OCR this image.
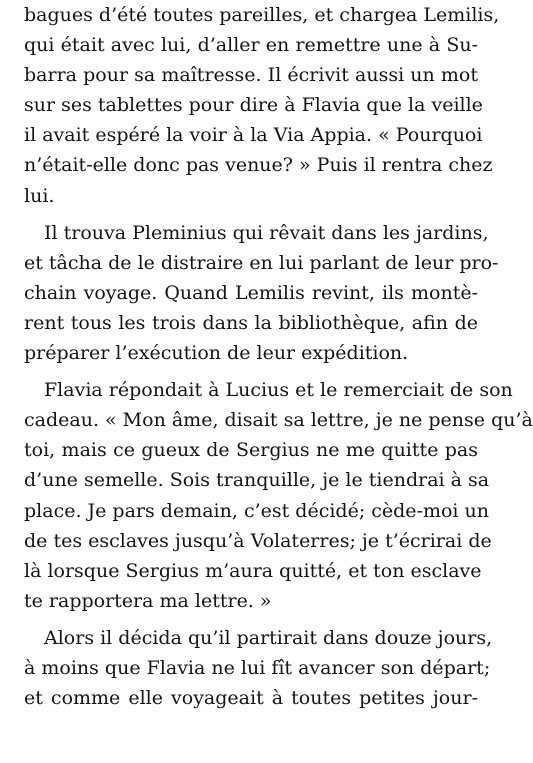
bagues d’été toutes pareilles, et chargea Lemilis,
qui était avec lui, d’aller en remettre une à Su-
barra pour sa maîtresse. Il écrivit aussi un mot
sur ses tablettes pour dire à Flavia que la veille
il avait espéré la voir à la Via Appia. « Pourquoi
n’était-elle donc pas venue? » Puis il rentra chez
lui.
Il trouva Pleminius qui rêvait dans les jardins,
et tâcha de le distraire en lui parlant de leur pro-
chain voyage. Quand Lemilis revint, ils montè-
rent tous les trois dans la bibliothèque, afin de
préparer l’exécution de leur expédition.
Flavia répondait à Lucius et le remerciait de son
cadeau. « Mon âme, disait sa lettre, je ne pense qu’à
toi, mais ce gueux de Sergius ne me quitte pas
d’une semelle. Sois tranquille, je le tiendrai à sa
place. Je pars demain, c’est décidé; cède-moi un
de tes esclaves jusqu’à Volaterres; je t’écrirai de
là lorsque Sergius m’aura quitté, et ton esclave
te rapportera ma lettre. »
Alors il décida qu’il partirait dans douze jours,
à moins que Flavia ne lui fît avancer son départ;
et comme elle voyageait à toutes petites jour-
